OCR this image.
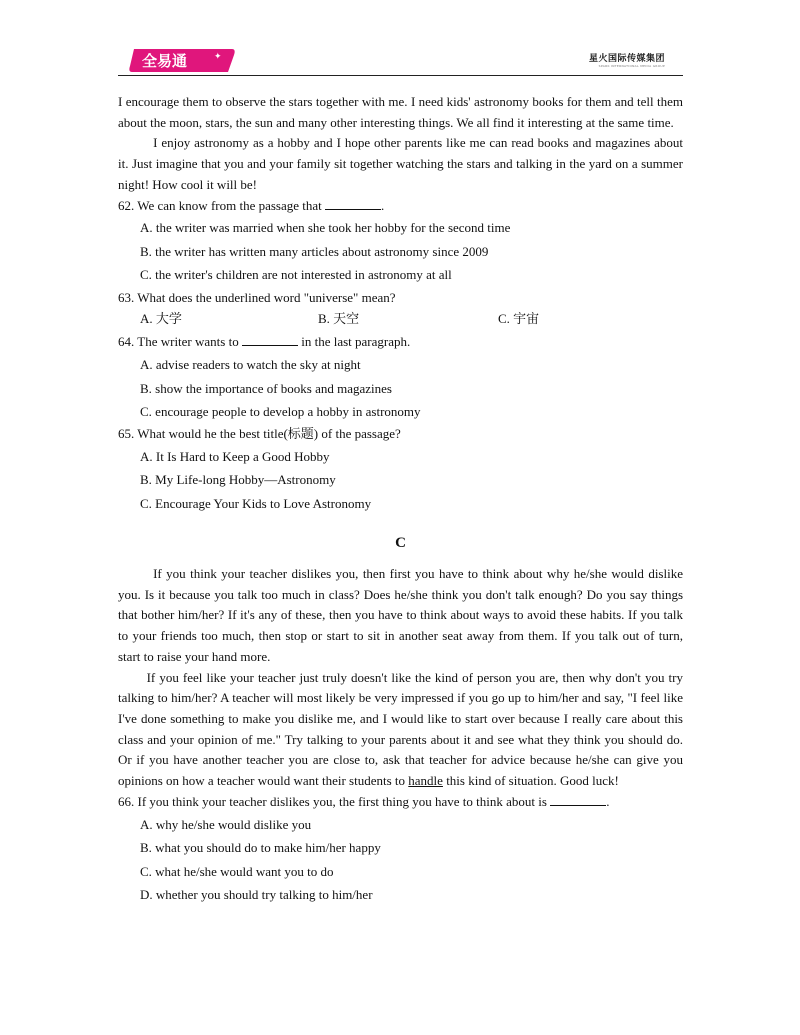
全易通	✦	星火国际传媒集团
SPARK INTERNATIONAL MEDIA GROUP

I encourage them to observe the stars together with me. I need kids' astronomy books for them and tell them about the moon, stars, the sun and many other interesting things. We all find it interesting at the same time.

I enjoy astronomy as a hobby and I hope other parents like me can read books and magazines about it. Just imagine that you and your family sit together watching the stars and talking in the yard on a summer night! How cool it will be!

62. We can know from the passage that	.

A. the writer was married when she took her hobby for the second time

B. the writer has written many articles about astronomy since 2009

C. the writer's children are not interested in astronomy at all

63. What does the underlined word "universe" mean?

A. 大学	B. 天空	C. 宇宙

64. The writer wants to	in the last paragraph.

A. advise readers to watch the sky at night

B. show the importance of books and magazines

C. encourage people to develop a hobby in astronomy

65. What would he the best title(标题) of the passage?

A. It Is Hard to Keep a Good Hobby

B. My Life-long Hobby—Astronomy

C. Encourage Your Kids to Love Astronomy

C

If you think your teacher dislikes you, then first you have to think about why he/she would dislike you. Is it because you talk too much in class? Does he/she think you don't talk enough? Do you say things that bother him/her? If it's any of these, then you have to think about ways to avoid these habits. If you talk to your friends too much, then stop or start to sit in another seat away from them. If you talk out of turn, start to raise your hand more.

If you feel like your teacher just truly doesn't like the kind of person you are, then why don't you try talking to him/her? A teacher will most likely be very impressed if you go up to him/her and say, "I feel like I've done something to make you dislike me, and I would like to start over because I really care about this class and your opinion of me." Try talking to your parents about it and see what they think you should do. Or if you have another teacher you are close to, ask that teacher for advice because he/she can give you opinions on how a teacher would want their students to handle this kind of situation. Good luck!

66. If you think your teacher dislikes you, the first thing you have to think about is	.

A. why he/she would dislike you

B. what you should do to make him/her happy

C. what he/she would want you to do

D. whether you should try talking to him/her
